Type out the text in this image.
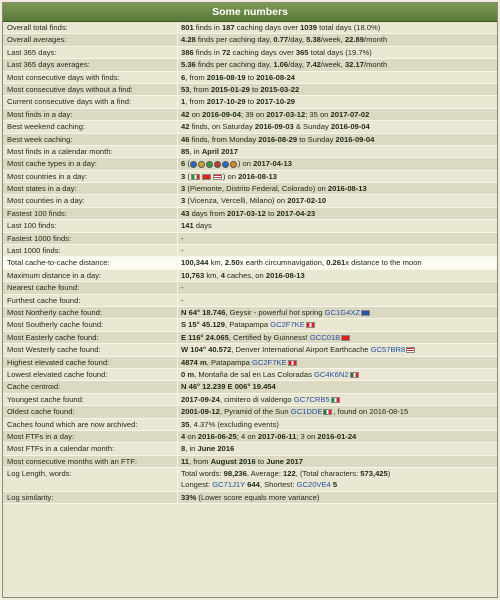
Some numbers
Overall total finds:	801 finds in 187 caching days over 1039 total days (18.0%)
Overall averages:	4.28 finds per caching day, 0.77/day, 5.38/week, 22.89/month
Last 365 days:	386 finds in 72 caching days over 365 total days (19.7%)
Last 365 days averages:	5.36 finds per caching day, 1.06/day, 7.42/week, 32.17/month
Most consecutive days with finds:	6, from 2016-08-19 to 2016-08-24
Most consecutive days without a find:	53, from 2015-01-29 to 2015-03-22
Current consecutive days with a find:	1, from 2017-10-29 to 2017-10-29
Most finds in a day:	42 on 2016-09-04; 39 on 2017-03-12; 35 on 2017-07-02
Best weekend caching:	42 finds, on Saturday 2016-09-03 & Sunday 2016-09-04
Best week caching:	46 finds, from Monday 2016-08-29 to Sunday 2016-09-04
Most finds in a calendar month:	85, in April 2017
Most cache types in a day:	6 (	) on 2017-04-13
Most countries in a day:	3 (	) on 2016-08-13
Most states in a day:	3 (Piemonte, Distrito Federal, Colorado) on 2016-08-13
Most counties in a day:	3 (Vicenza, Vercelli, Milano) on 2017-02-10
Fastest 100 finds:	43 days from 2017-03-12 to 2017-04-23
Last 100 finds:	141 days
Fastest 1000 finds:	-
Last 1000 finds:	-
Total cache-to-cache distance:	100,344 km, 2.50x earth circumnavigation, 0.261x distance to the moon
Maximum distance in a day:	10,763 km, 4 caches, on 2016-08-13
Nearest cache found:	-
Furthest cache found:	-
Most Northerly cache found:	N 64° 18.746, Geysir - powerful hot spring GC1G4XZ
Most Southerly cache found:	S 15° 45.129, Patapampa GC2F7KE
Most Easterly cache found:	E 116° 24.065, Certified by Guinness! GCC01B
Most Westerly cache found:	W 104° 40.572, Denver International Airport Earthcache GC57BR8
Highest elevated cache found:	4874 m, Patapampa GC2F7KE
Lowest elevated cache found:	0 m, Montaña de sal en Las Coloradas GC4K6N2
Cache centroid:	N 46° 12.239 E 006° 19.454
Youngest cache found:	2017-09-24, cimitero di valdengo GC7CRB5
Oldest cache found:	2001-09-12, Pyramid of the Sun GC1DDE , found on 2016-08-15
Caches found which are now archived:	35, 4.37% (excluding events)
Most FTFs in a day:	4 on 2016-06-25; 4 on 2017-06-11; 3 on 2016-01-24
Most FTFs in a calendar month:	8, in June 2016
Most consecutive months with an FTF:	11, from August 2016 to June 2017
Log Length, words:	Total words: 98,236, Average: 122, (Total characters: 573,425)
Longest: GC71J1Y 644, Shortest: GC20VE4 5
Log similarity:	33% (Lower score equals more variance)
